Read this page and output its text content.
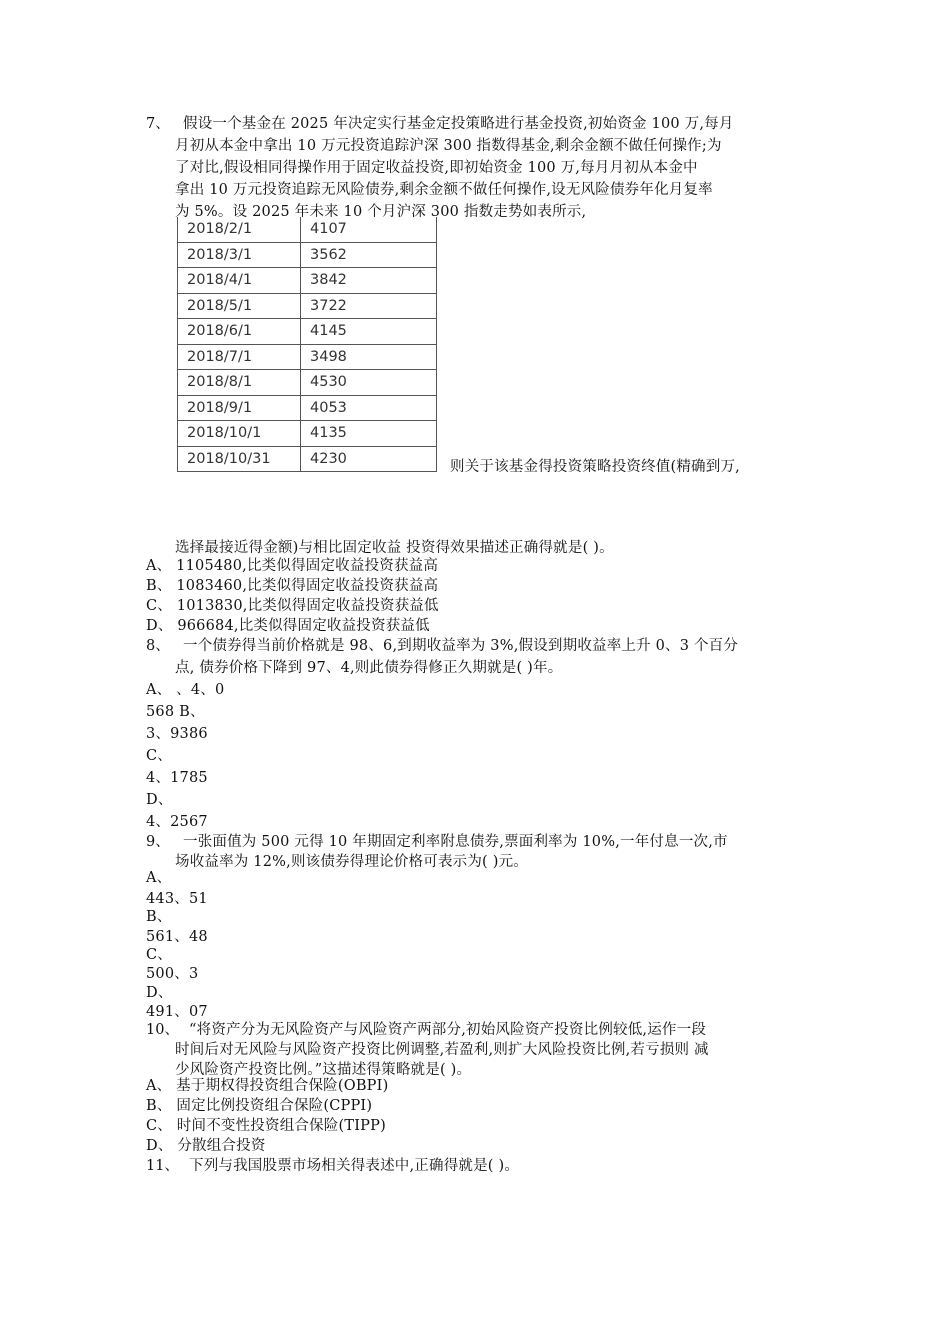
7、 假设一个基金在 2025 年决定实行基金定投策略进行基金投资,初始资金 100 万,每月
月初从本金中拿出 10 万元投资追踪沪深 300 指数得基金,剩余金额不做任何操作;为
了对比,假设相同得操作用于固定收益投资,即初始资金 100 万,每月月初从本金中
拿出 10 万元投资追踪无风险债券,剩余金额不做任何操作,设无风险债券年化月复率
为 5%。设 2025 年未来 10 个月沪深 300 指数走势如表所示,
2018/2/1	4107
2018/3/1	3562
2018/4/1	3842
2018/5/1	3722
2018/6/1	4145
2018/7/1	3498
2018/8/1	4530
2018/9/1	4053
2018/10/1	4135
2018/10/31	4230
则关于该基金得投资策略投资终值(精确到万,
选择最接近得金额)与相比固定收益 投资得效果描述正确得就是( )。
A、 1105480,比类似得固定收益投资获益高
B、 1083460,比类似得固定收益投资获益高
C、 1013830,比类似得固定收益投资获益低
D、 966684,比类似得固定收益投资获益低
8、 一个债券得当前价格就是 98、6,到期收益率为 3%,假设到期收益率上升 0、3 个百分
点, 债券价格下降到 97、4,则此债券得修正久期就是( )年。
A、 、4、0
568 B、
3、9386
C、
4、1785
D、
4、2567
9、 一张面值为 500 元得 10 年期固定利率附息债券,票面利率为 10%,一年付息一次,市
场收益率为 12%,则该债券得理论价格可表示为( )元。
A、
443、51
B、
561、48
C、
500、3
D、
491、07
10、 “将资产分为无风险资产与风险资产两部分,初始风险资产投资比例较低,运作一段
时间后对无风险与风险资产投资比例调整,若盈利,则扩大风险投资比例,若亏损则 减
少风险资产投资比例。”这描述得策略就是( )。
A、 基于期权得投资组合保险(OBPI)
B、 固定比例投资组合保险(CPPI)
C、 时间不变性投资组合保险(TIPP)
D、 分散组合投资
11、 下列与我国股票市场相关得表述中,正确得就是( )。
